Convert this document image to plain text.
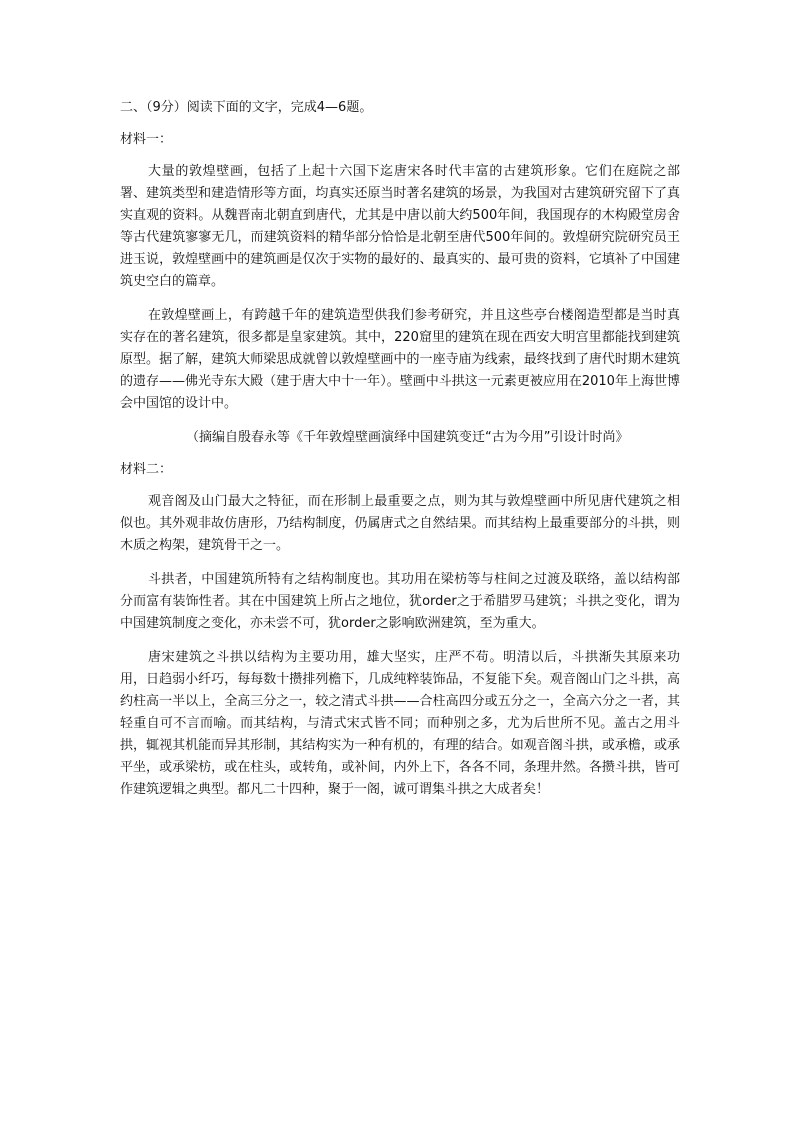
二、（9分）阅读下面的文字，完成4—6题。
材料一：

大量的敦煌壁画，包括了上起十六国下迄唐宋各时代丰富的古建筑形象。它们在庭院之部署、建筑类型和建造情形等方面，均真实还原当时著名建筑的场景，为我国对古建筑研究留下了真实直观的资料。从魏晋南北朝直到唐代，尤其是中唐以前大约500年间，我国现存的木构殿堂房舍等古代建筑寥寥无几，而建筑资料的精华部分恰恰是北朝至唐代500年间的。敦煌研究院研究员王进玉说，敦煌壁画中的建筑画是仅次于实物的最好的、最真实的、最可贵的资料，它填补了中国建筑史空白的篇章。

在敦煌壁画上，有跨越千年的建筑造型供我们参考研究，并且这些亭台楼阁造型都是当时真实存在的著名建筑，很多都是皇家建筑。其中，220窟里的建筑在现在西安大明宫里都能找到建筑原型。据了解，建筑大师梁思成就曾以敦煌壁画中的一座寺庙为线索，最终找到了唐代时期木建筑的遗存——佛光寺东大殿（建于唐大中十一年）。壁画中斗拱这一元素更被应用在2010年上海世博会中国馆的设计中。

（摘编自殷春永等《千年敦煌壁画演绎中国建筑变迁“古为今用”引设计时尚》
材料二：

观音阁及山门最大之特征，而在形制上最重要之点，则为其与敦煌壁画中所见唐代建筑之相似也。其外观非故仿唐形，乃结构制度，仍属唐式之自然结果。而其结构上最重要部分的斗拱，则木质之构架，建筑骨干之一。

斗拱者，中国建筑所特有之结构制度也。其功用在梁枋等与柱间之过渡及联络，盖以结构部分而富有装饰性者。其在中国建筑上所占之地位，犹order之于希腊罗马建筑；斗拱之变化，谓为中国建筑制度之变化，亦未尝不可，犹order之影响欧洲建筑，至为重大。

唐宋建筑之斗拱以结构为主要功用，雄大坚实，庄严不苟。明清以后，斗拱渐失其原来功用，日趋弱小纤巧，每每数十攒排列檐下，几成纯粹装饰品，不复能下矣。观音阁山门之斗拱，高约柱高一半以上，全高三分之一，较之清式斗拱——合柱高四分或五分之一，全高六分之一者，其轻重自可不言而喻。而其结构，与清式宋式皆不同；而种别之多，尤为后世所不见。盖古之用斗拱，辄视其机能而异其形制，其结构实为一种有机的，有理的结合。如观音阁斗拱，或承檐，或承平坐，或承梁枋，或在柱头，或转角，或补间，内外上下，各各不同，条理井然。各攒斗拱，皆可作建筑逻辑之典型。都凡二十四种，聚于一阁，诚可谓集斗拱之大成者矣！
